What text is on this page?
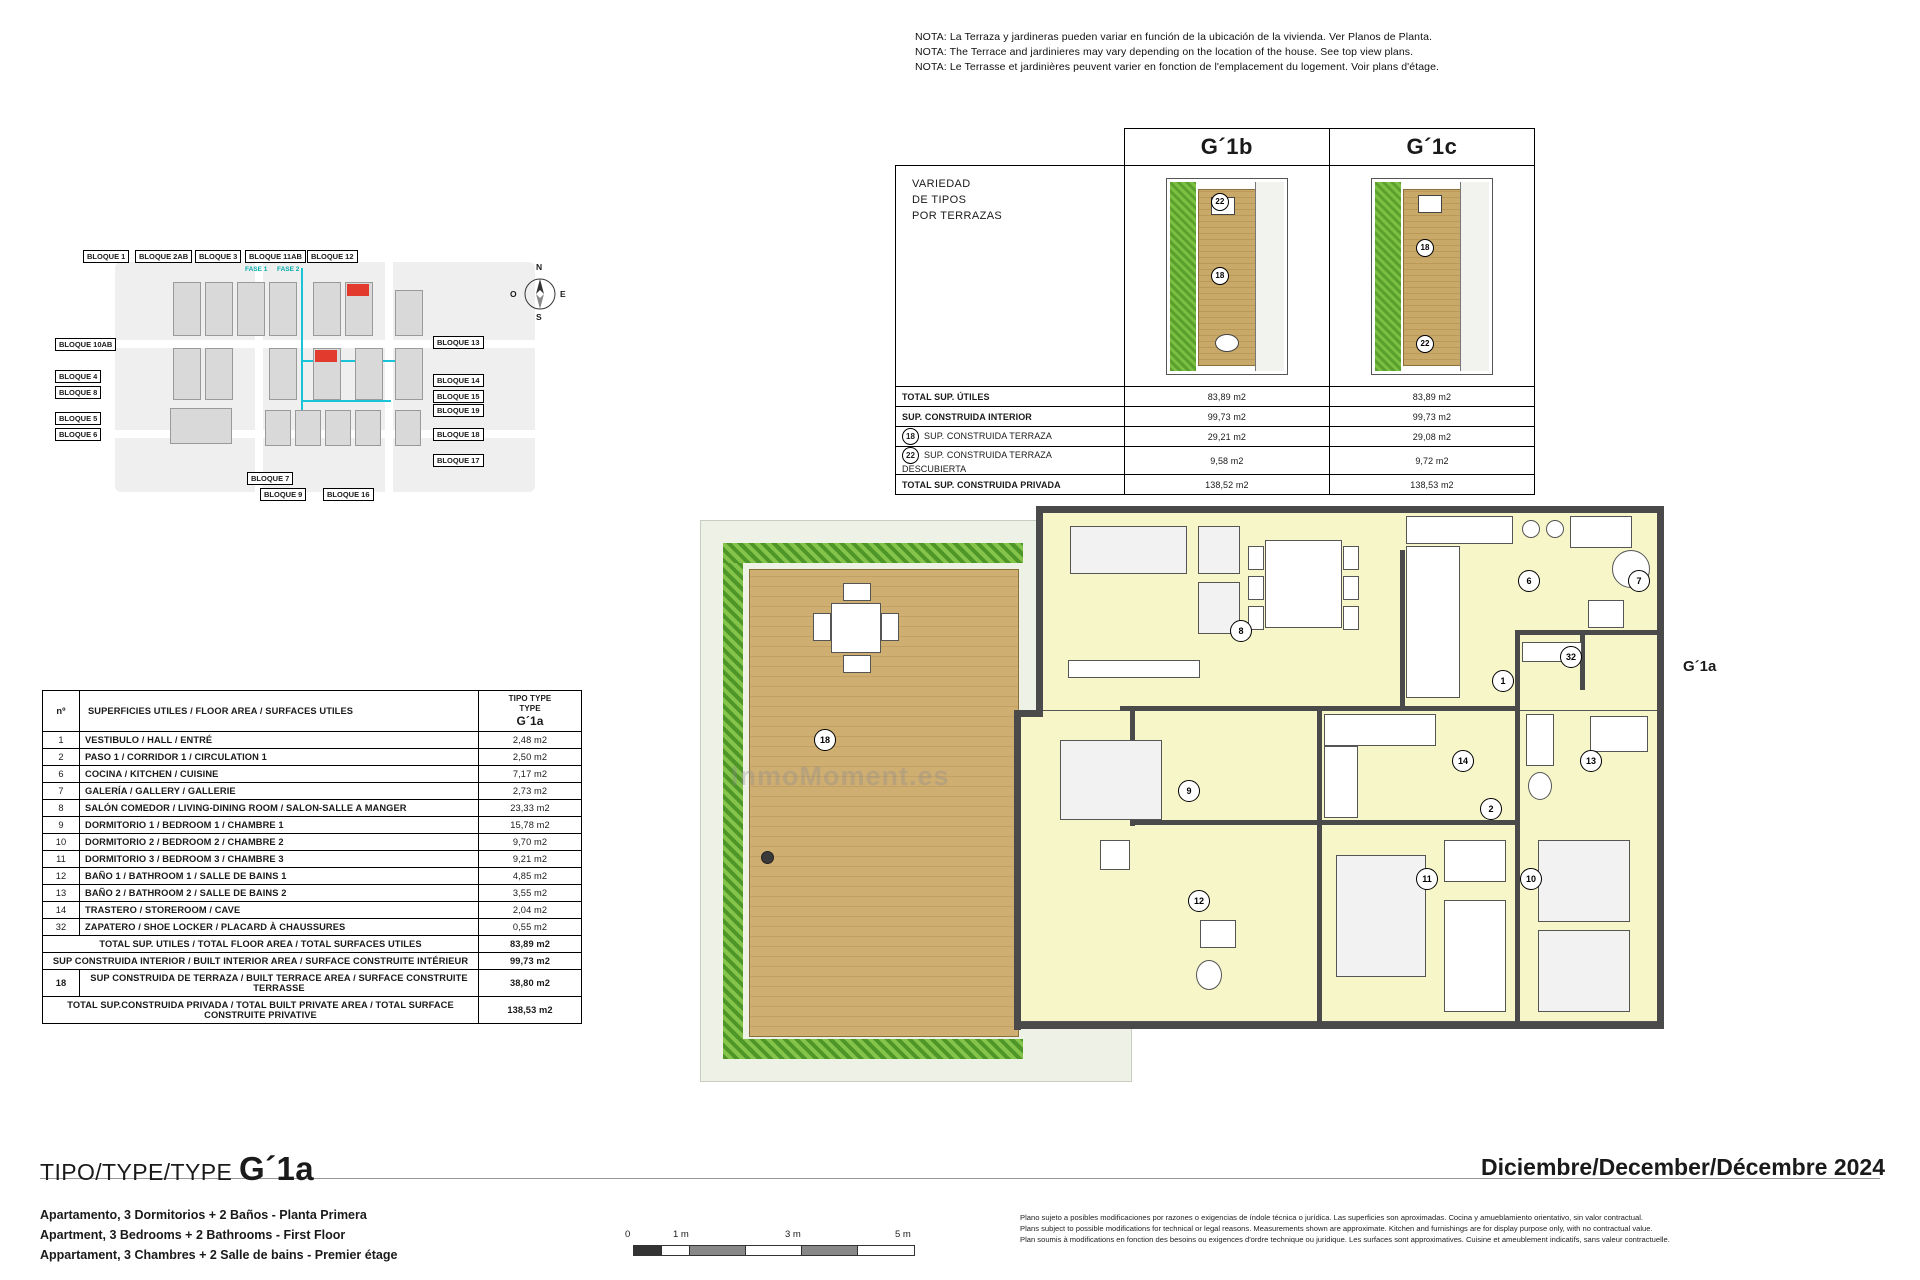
NOTA: La Terraza y jardineras pueden variar en función de la ubicación de la vivienda. Ver Planos de Planta.
NOTA: The Terrace and jardinieres may vary depending on the location of the house. See top view plans.
NOTA: Le Terrasse et jardinières peuvent varier en fonction de l'emplacement du logement. Voir plans d'étage.
	G´1b	G´1c

VARIEDAD
DE TIPOS
POR TERRAZAS

22
18

18
22

TOTAL SUP. ÚTILES	83,89 m2	83,89 m2
SUP. CONSTRUIDA INTERIOR	99,73 m2	99,73 m2
18 SUP. CONSTRUIDA TERRAZA	29,21 m2	29,08 m2
22 SUP. CONSTRUIDA TERRAZA DESCUBIERTA	9,58 m2	9,72 m2
TOTAL SUP. CONSTRUIDA PRIVADA	138,52 m2	138,53 m2
BLOQUE 1	BLOQUE 2AB	BLOQUE 3	BLOQUE 11AB	BLOQUE 12
FASE 1 FASE 2
BLOQUE 10AB
BLOQUE 4
BLOQUE 8
BLOQUE 5
BLOQUE 6
BLOQUE 7
BLOQUE 9	BLOQUE 16
BLOQUE 17
BLOQUE 18
BLOQUE 19
BLOQUE 14
BLOQUE 15
BLOQUE 13
N
S
E
O
nº	SUPERFICIES UTILES / FLOOR AREA / SURFACES UTILES	TIPO TYPE
TYPE
G´1a

1	VESTIBULO / HALL / ENTRÉ	2,48 m2
2	PASO 1 / CORRIDOR 1 / CIRCULATION 1	2,50 m2
6	COCINA / KITCHEN / CUISINE	7,17 m2
7	GALERÍA / GALLERY / GALLERIE	2,73 m2
8	SALÓN COMEDOR / LIVING-DINING ROOM / SALON-SALLE A MANGER	23,33 m2
9	DORMITORIO 1 / BEDROOM 1 / CHAMBRE 1	15,78 m2
10	DORMITORIO 2 / BEDROOM 2 / CHAMBRE 2	9,70 m2
11	DORMITORIO 3 / BEDROOM 3 / CHAMBRE 3	9,21 m2
12	BAÑO 1 / BATHROOM 1 / SALLE DE BAINS 1	4,85 m2
13	BAÑO 2 / BATHROOM 2 / SALLE DE BAINS 2	3,55 m2
14	TRASTERO / STOREROOM / CAVE	2,04 m2
32	ZAPATERO / SHOE LOCKER / PLACARD À CHAUSSURES	0,55 m2
TOTAL SUP. UTILES / TOTAL FLOOR AREA / TOTAL SURFACES UTILES		83,89 m2
SUP CONSTRUIDA INTERIOR / BUILT INTERIOR AREA / SURFACE CONSTRUITE INTÉRIEUR		99,73 m2
18	SUP CONSTRUIDA DE TERRAZA / BUILT TERRACE AREA / SURFACE CONSTRUITE TERRASSE	38,80 m2
TOTAL SUP.CONSTRUIDA PRIVADA / TOTAL BUILT PRIVATE AREA / TOTAL SURFACE CONSTRUITE PRIVATIVE		138,53 m2
18
InmoMoment.es
6	7
8
32
1
14	13
2
9
11	10
12
G´1a
TIPO/TYPE/TYPE G´1a
Apartamento, 3 Dormitorios + 2 Baños - Planta Primera
Apartment, 3 Bedrooms + 2 Bathrooms - First Floor
Appartament, 3 Chambres + 2 Salle de bains - Premier étage
Diciembre/December/Décembre 2024
Plano sujeto a posibles modificaciones por razones o exigencias de índole técnica o jurídica. Las superficies son aproximadas. Cocina y amueblamiento orientativo, sin valor contractual.
Plans subject to possible modifications for technical or legal reasons. Measurements shown are approximate. Kitchen and furnishings are for display purpose only, with no contractual value.
Plan soumis à modifications en fonction des besoins ou exigences d'ordre technique ou juridique. Les surfaces sont approximatives. Cuisine et ameublement indicatifs, sans valeur contractuelle.
0	1 m	3 m	5 m
